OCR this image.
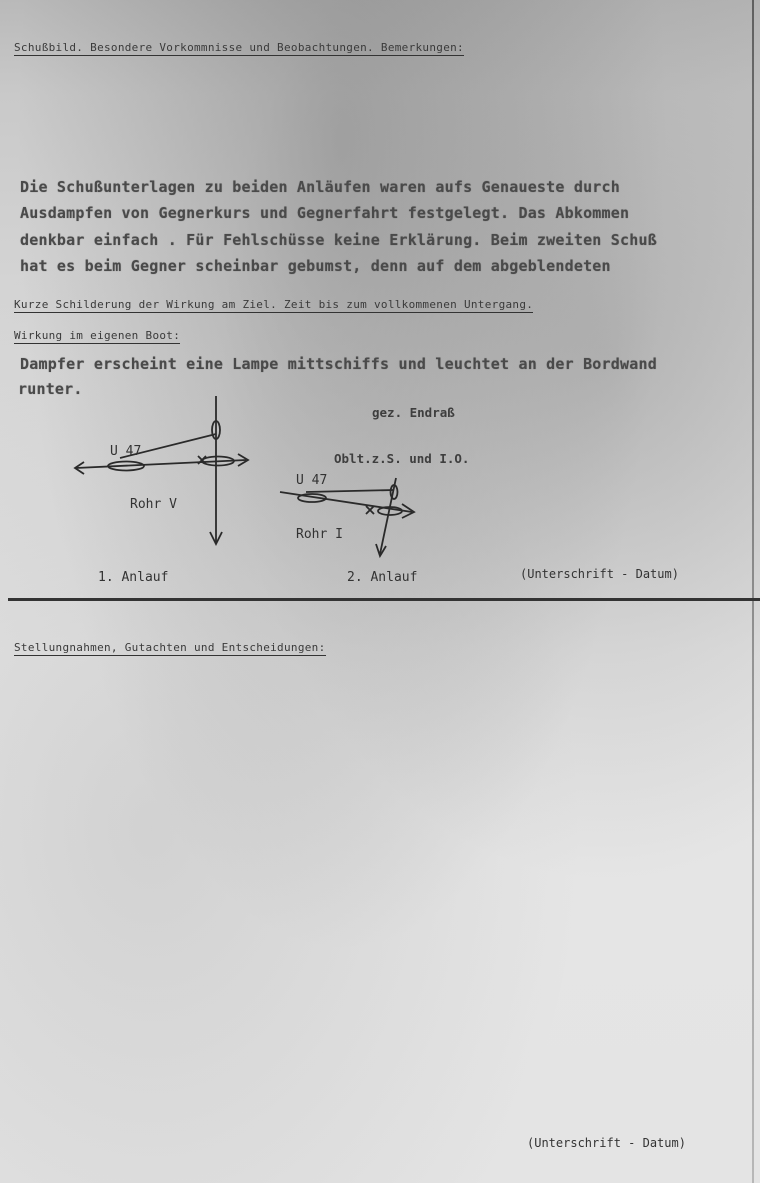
Schußbild. Besondere Vorkommnisse und Beobachtungen. Bemerkungen:
Die Schußunterlagen zu beiden Anläufen waren aufs Genaueste durch
Ausdampfen von Gegnerkurs und Gegnerfahrt festgelegt. Das Abkommen
denkbar einfach . Für Fehlschüsse keine Erklärung. Beim zweiten Schuß
hat es beim Gegner scheinbar gebumst, denn auf dem abgeblendeten
Kurze Schilderung der Wirkung am Ziel. Zeit bis zum vollkommenen Untergang.
Wirkung im eigenen Boot:
Dampfer erscheint eine Lampe mittschiffs und leuchtet an der Bordwand
runter.
gez. Endraß
Oblt.z.S. und I.O.
U 47
Rohr V
U 47
Rohr I
1. Anlauf	2. Anlauf	(Unterschrift - Datum)
Stellungnahmen, Gutachten und Entscheidungen:
(Unterschrift - Datum)
